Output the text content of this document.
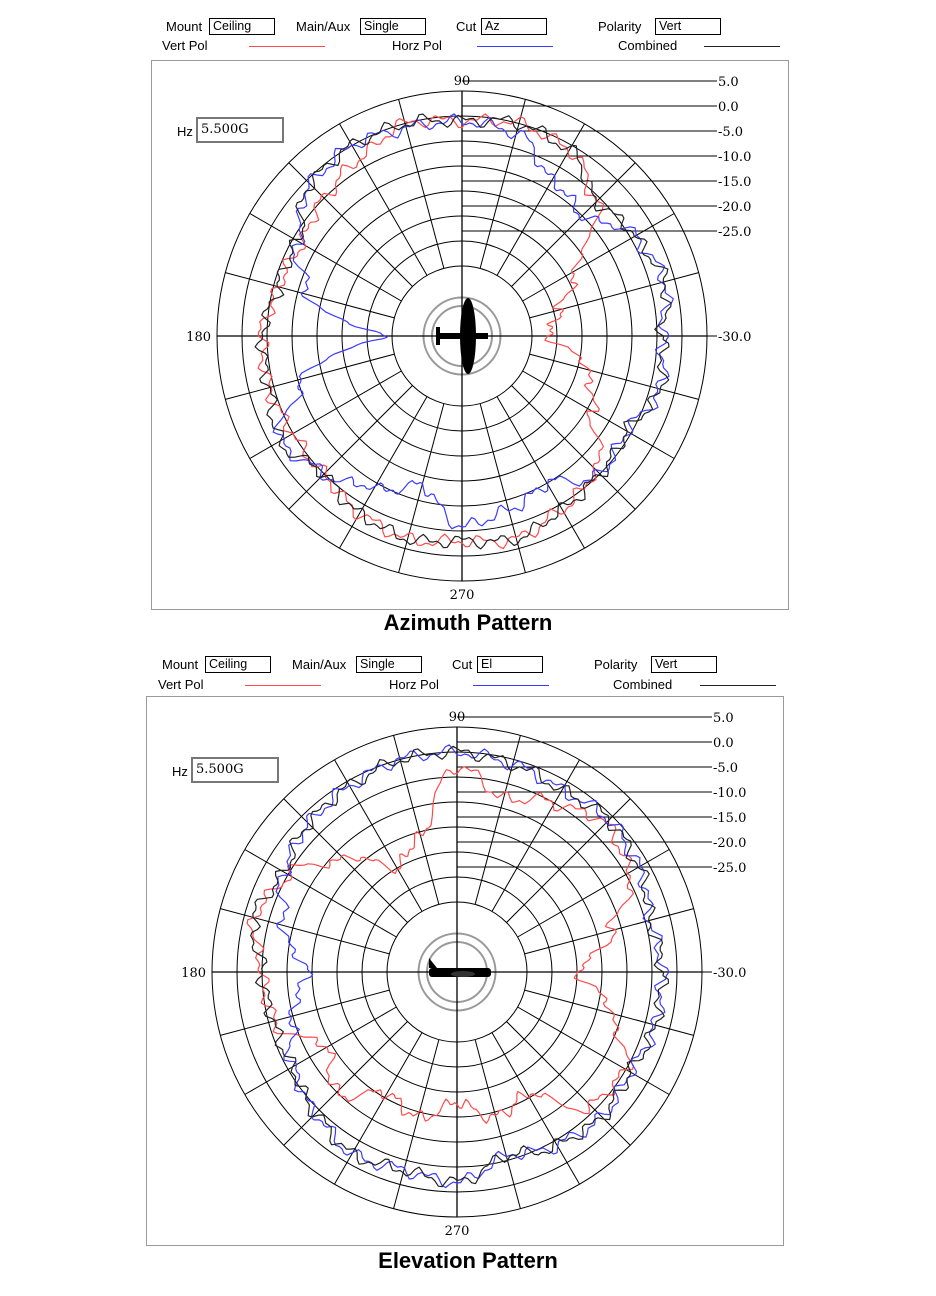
Mount Ceiling	Main/Aux	Single	Cut Az	Polarity	Vert
Vert Pol	Horz Pol	Combined
5.0
0.0
-5.0
-10.0
-15.0
-20.0
-25.0
-30.0
90
180
270
Hz 5.500G
Azimuth Pattern
Mount Ceiling	Main/Aux	Single	Cut El	Polarity	Vert
Vert Pol	Horz Pol	Combined
5.0
0.0
-5.0
-10.0
-15.0
-20.0
-25.0
-30.0
90
180
270
Hz 5.500G
Elevation Pattern
